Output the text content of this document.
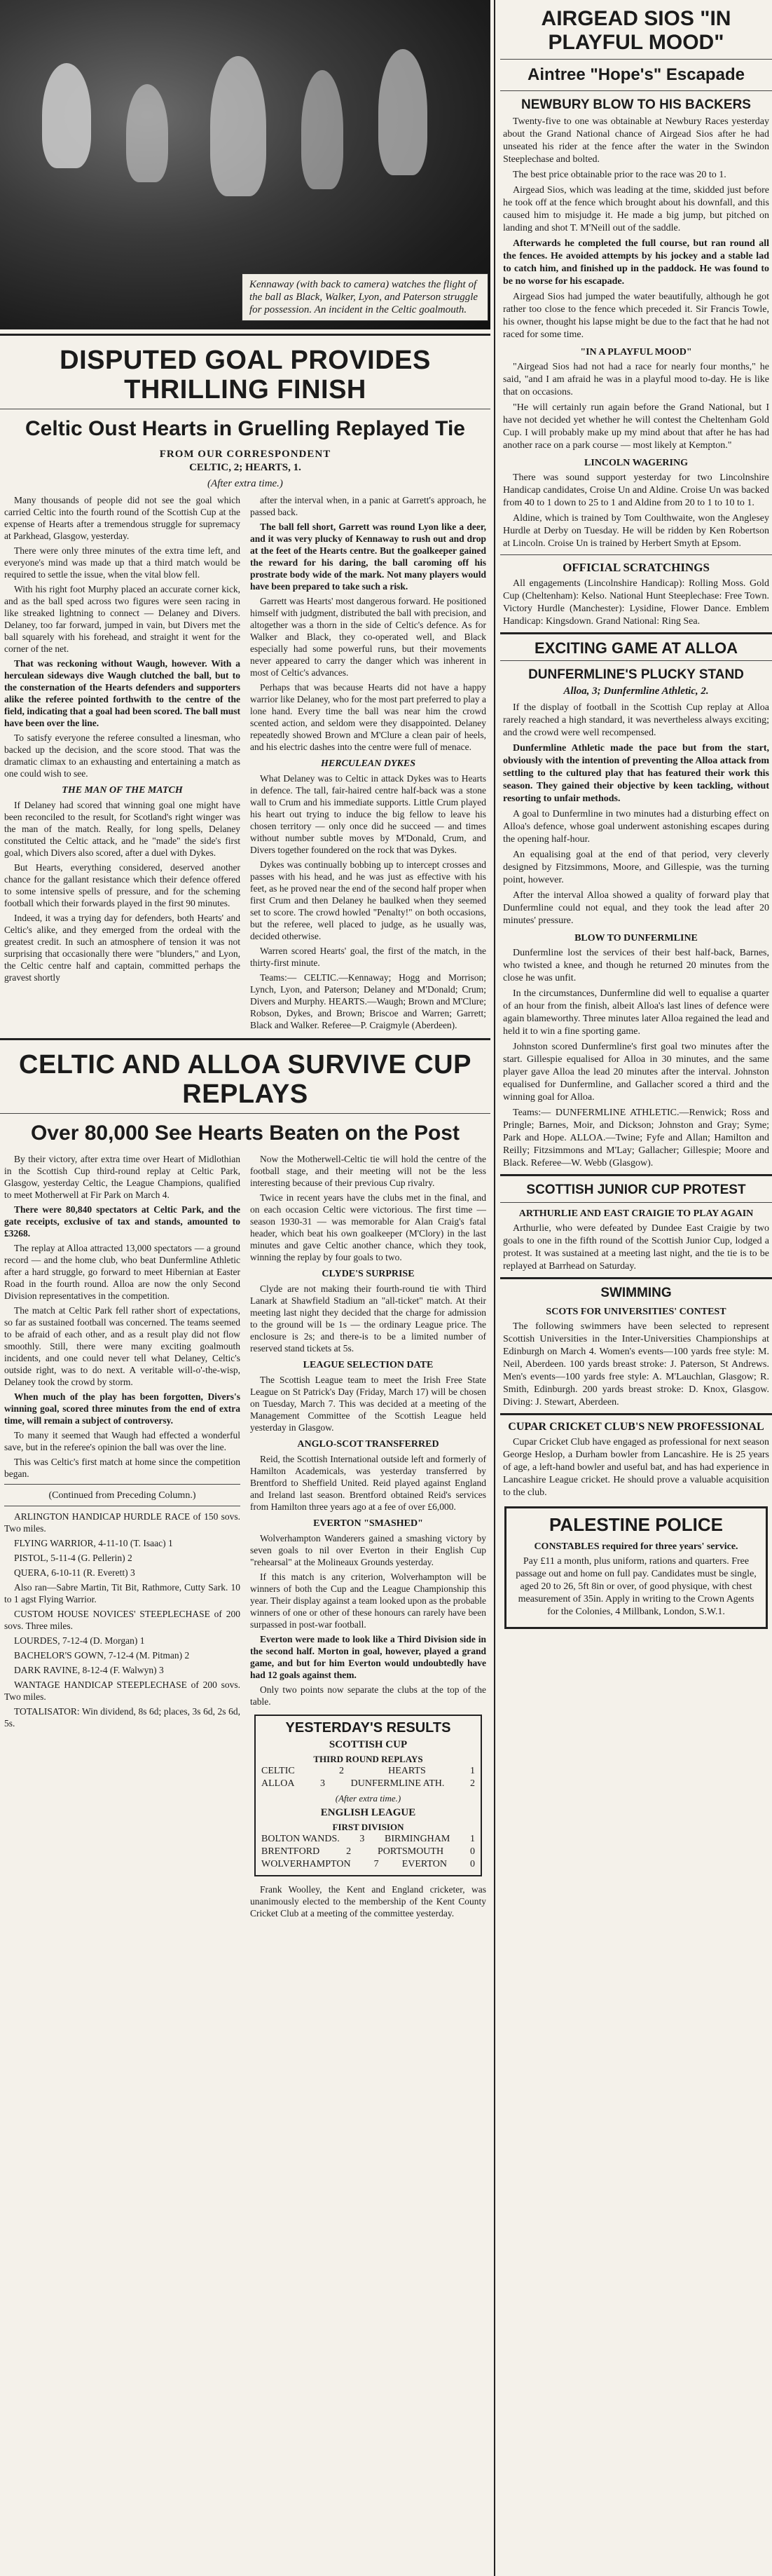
Kennaway (with back to camera) watches the flight of the ball as Black, Walker, Lyon, and Paterson struggle for possession. An incident in the Celtic goalmouth.
DISPUTED GOAL PROVIDES THRILLING FINISH
Celtic Oust Hearts in Gruelling Replayed Tie
FROM OUR CORRESPONDENT
CELTIC, 2; HEARTS, 1.
(After extra time.)

Many thousands of people did not see the goal which carried Celtic into the fourth round of the Scottish Cup at the expense of Hearts after a tremendous struggle for supremacy at Parkhead, Glasgow, yesterday.

There were only three minutes of the extra time left, and everyone's mind was made up that a third match would be required to settle the issue, when the vital blow fell.

With his right foot Murphy placed an accurate corner kick, and as the ball sped across two figures were seen racing in like streaked lightning to connect — Delaney and Divers. Delaney, too far forward, jumped in vain, but Divers met the ball squarely with his forehead, and straight it went for the corner of the net.

That was reckoning without Waugh, however. With a herculean sideways dive Waugh clutched the ball, but to the consternation of the Hearts defenders and supporters alike the referee pointed forthwith to the centre of the field, indicating that a goal had been scored. The ball must have been over the line.

To satisfy everyone the referee consulted a linesman, who backed up the decision, and the score stood. That was the dramatic climax to an exhausting and entertaining a match as one could wish to see.

THE MAN OF THE MATCH

If Delaney had scored that winning goal one might have been reconciled to the result, for Scotland's right winger was the man of the match. Really, for long spells, Delaney constituted the Celtic attack, and he "made" the side's first goal, which Divers also scored, after a duel with Dykes.

But Hearts, everything considered, deserved another chance for the gallant resistance which their defence offered to some intensive spells of pressure, and for the scheming football which their forwards played in the first 90 minutes.

Indeed, it was a trying day for defenders, both Hearts' and Celtic's alike, and they emerged from the ordeal with the greatest credit. In such an atmosphere of tension it was not surprising that occasionally there were "blunders," and Lyon, the Celtic centre half and captain, committed perhaps the gravest shortly

after the interval when, in a panic at Garrett's approach, he passed back.

The ball fell short, Garrett was round Lyon like a deer, and it was very plucky of Kennaway to rush out and drop at the feet of the Hearts centre. But the goalkeeper gained the reward for his daring, the ball caroming off his prostrate body wide of the mark. Not many players would have been prepared to take such a risk.

Garrett was Hearts' most dangerous forward. He positioned himself with judgment, distributed the ball with precision, and altogether was a thorn in the side of Celtic's defence. As for Walker and Black, they co-operated well, and Black especially had some powerful runs, but their movements never appeared to carry the danger which was inherent in most of Celtic's advances.

Perhaps that was because Hearts did not have a happy warrior like Delaney, who for the most part preferred to play a lone hand. Every time the ball was near him the crowd scented action, and seldom were they disappointed. Delaney repeatedly showed Brown and M'Clure a clean pair of heels, and his electric dashes into the centre were full of menace.

HERCULEAN DYKES

What Delaney was to Celtic in attack Dykes was to Hearts in defence. The tall, fair-haired centre half-back was a stone wall to Crum and his immediate supports. Little Crum played his heart out trying to induce the big fellow to leave his chosen territory — only once did he succeed — and times without number subtle moves by M'Donald, Crum, and Divers together foundered on the rock that was Dykes.

Dykes was continually bobbing up to intercept crosses and passes with his head, and he was just as effective with his feet, as he proved near the end of the second half proper when first Crum and then Delaney he baulked when they seemed set to score. The crowd howled "Penalty!" on both occasions, but the referee, well placed to judge, as he usually was, decided otherwise.

Warren scored Hearts' goal, the first of the match, in the thirty-first minute.

Teams:— CELTIC.—Kennaway; Hogg and Morrison; Lynch, Lyon, and Paterson; Delaney and M'Donald; Crum; Divers and Murphy. HEARTS.—Waugh; Brown and M'Clure; Robson, Dykes, and Brown; Briscoe and Warren; Garrett; Black and Walker. Referee—P. Craigmyle (Aberdeen).

CELTIC AND ALLOA SURVIVE CUP REPLAYS
Over 80,000 See Hearts Beaten on the Post

By their victory, after extra time over Heart of Midlothian in the Scottish Cup third-round replay at Celtic Park, Glasgow, yesterday Celtic, the League Champions, qualified to meet Motherwell at Fir Park on March 4.

There were 80,840 spectators at Celtic Park, and the gate receipts, exclusive of tax and stands, amounted to £3268.

The replay at Alloa attracted 13,000 spectators — a ground record — and the home club, who beat Dunfermline Athletic after a hard struggle, go forward to meet Hibernian at Easter Road in the fourth round. Alloa are now the only Second Division representatives in the competition.

The match at Celtic Park fell rather short of expectations, so far as sustained football was concerned. The teams seemed to be afraid of each other, and as a result play did not flow smoothly. Still, there were many exciting goalmouth incidents, and one could never tell what Delaney, Celtic's outside right, was to do next. A veritable will-o'-the-wisp, Delaney took the crowd by storm.

When much of the play has been forgotten, Divers's winning goal, scored three minutes from the end of extra time, will remain a subject of controversy.

To many it seemed that Waugh had effected a wonderful save, but in the referee's opinion the ball was over the line.

This was Celtic's first match at home since the competition began.

(Continued from Preceding Column.)

ARLINGTON HANDICAP HURDLE RACE of 150 sovs. Two miles.

FLYING WARRIOR, 4-11-10 (T. Isaac) 1

PISTOL, 5-11-4 (G. Pellerin) 2

QUERA, 6-10-11 (R. Everett) 3

Also ran—Sabre Martin, Tit Bit, Rathmore, Cutty Sark. 10 to 1 agst Flying Warrior.

CUSTOM HOUSE NOVICES' STEEPLECHASE of 200 sovs. Three miles.

LOURDES, 7-12-4 (D. Morgan) 1

BACHELOR'S GOWN, 7-12-4 (M. Pitman) 2

DARK RAVINE, 8-12-4 (F. Walwyn) 3

WANTAGE HANDICAP STEEPLECHASE of 200 sovs. Two miles.

TOTALISATOR: Win dividend, 8s 6d; places, 3s 6d, 2s 6d, 5s.

Now the Motherwell-Celtic tie will hold the centre of the football stage, and their meeting will not be the less interesting because of their previous Cup rivalry.

Twice in recent years have the clubs met in the final, and on each occasion Celtic were victorious. The first time — season 1930-31 — was memorable for Alan Craig's fatal header, which beat his own goalkeeper (M'Clory) in the last minutes and gave Celtic another chance, which they took, winning the replay by four goals to two.

CLYDE'S SURPRISE

Clyde are not making their fourth-round tie with Third Lanark at Shawfield Stadium an "all-ticket" match. At their meeting last night they decided that the charge for admission to the ground will be 1s — the ordinary League price. The enclosure is 2s; and there-is to be a limited number of reserved stand tickets at 5s.

LEAGUE SELECTION DATE

The Scottish League team to meet the Irish Free State League on St Patrick's Day (Friday, March 17) will be chosen on Tuesday, March 7. This was decided at a meeting of the Management Committee of the Scottish League held yesterday in Glasgow.

ANGLO-SCOT TRANSFERRED

Reid, the Scottish International outside left and formerly of Hamilton Academicals, was yesterday transferred by Brentford to Sheffield United. Reid played against England and Ireland last season. Brentford obtained Reid's services from Hamilton three years ago at a fee of over £6,000.

EVERTON "SMASHED"

Wolverhampton Wanderers gained a smashing victory by seven goals to nil over Everton in their English Cup "rehearsal" at the Molineaux Grounds yesterday.

If this match is any criterion, Wolverhampton will be winners of both the Cup and the League Championship this year. Their display against a team looked upon as the probable winners of one or other of these honours can rarely have been surpassed in post-war football.

Everton were made to look like a Third Division side in the second half. Morton in goal, however, played a grand game, and but for him Everton would undoubtedly have had 12 goals against them.

Only two points now separate the clubs at the top of the table.

YESTERDAY'S RESULTS
SCOTTISH CUP
THIRD ROUND REPLAYS
CELTIC	2	HEARTS	1
ALLOA	3	DUNFERMLINE ATH.	2
(After extra time.)
ENGLISH LEAGUE
FIRST DIVISION
BOLTON WANDS. 3 BIRMINGHAM 1
BRENTFORD	2	PORTSMOUTH	0
WOLVERHAMPTON 7 EVERTON 0

Frank Woolley, the Kent and England cricketer, was unanimously elected to the membership of the Kent County Cricket Club at a meeting of the committee yesterday.

AIRGEAD SIOS "IN PLAYFUL MOOD"
Aintree "Hope's" Escapade
NEWBURY BLOW TO HIS BACKERS

Twenty-five to one was obtainable at Newbury Races yesterday about the Grand National chance of Airgead Sios after he had unseated his rider at the fence after the water in the Swindon Steeplechase and bolted.

The best price obtainable prior to the race was 20 to 1.

Airgead Sios, which was leading at the time, skidded just before he took off at the fence which brought about his downfall, and this caused him to misjudge it. He made a big jump, but pitched on landing and shot T. M'Neill out of the saddle.

Afterwards he completed the full course, but ran round all the fences. He avoided attempts by his jockey and a stable lad to catch him, and finished up in the paddock. He was found to be no worse for his escapade.

Airgead Sios had jumped the water beautifully, although he got rather too close to the fence which preceded it. Sir Francis Towle, his owner, thought his lapse might be due to the fact that he had not raced for some time.

"IN A PLAYFUL MOOD"

"Airgead Sios had not had a race for nearly four months," he said, "and I am afraid he was in a playful mood to-day. He is like that on occasions.

"He will certainly run again before the Grand National, but I have not decided yet whether he will contest the Cheltenham Gold Cup. I will probably make up my mind about that after he has had another race on a park course — most likely at Kempton."

LINCOLN WAGERING

There was sound support yesterday for two Lincolnshire Handicap candidates, Croise Un and Aldine. Croise Un was backed from 40 to 1 down to 25 to 1 and Aldine from 20 to 1 to 10 to 1.

Aldine, which is trained by Tom Coulthwaite, won the Anglesey Hurdle at Derby on Tuesday. He will be ridden by Ken Robertson at Lincoln. Croise Un is trained by Herbert Smyth at Epsom.

OFFICIAL SCRATCHINGS

All engagements (Lincolnshire Handicap): Rolling Moss. Gold Cup (Cheltenham): Kelso. National Hunt Steeplechase: Free Town. Victory Hurdle (Manchester): Lysidine, Flower Dance. Emblem Handicap: Kingsdown. Grand National: Ring Sea.

EXCITING GAME AT ALLOA
DUNFERMLINE'S PLUCKY STAND
Alloa, 3; Dunfermline Athletic, 2.

If the display of football in the Scottish Cup replay at Alloa rarely reached a high standard, it was nevertheless always exciting; and the crowd were well recompensed.

Dunfermline Athletic made the pace but from the start, obviously with the intention of preventing the Alloa attack from settling to the cultured play that has featured their work this season. They gained their objective by keen tackling, without resorting to unfair methods.

A goal to Dunfermline in two minutes had a disturbing effect on Alloa's defence, whose goal underwent astonishing escapes during the opening half-hour.

An equalising goal at the end of that period, very cleverly designed by Fitzsimmons, Moore, and Gillespie, was the turning point, however.

After the interval Alloa showed a quality of forward play that Dunfermline could not equal, and they took the lead after 20 minutes' pressure.

BLOW TO DUNFERMLINE

Dunfermline lost the services of their best half-back, Barnes, who twisted a knee, and though he returned 20 minutes from the close he was unfit.

In the circumstances, Dunfermline did well to equalise a quarter of an hour from the finish, albeit Alloa's last lines of defence were again blameworthy. Three minutes later Alloa regained the lead and held it to win a fine sporting game.

Johnston scored Dunfermline's first goal two minutes after the start. Gillespie equalised for Alloa in 30 minutes, and the same player gave Alloa the lead 20 minutes after the interval. Johnston equalised for Dunfermline, and Gallacher scored a third and the winning goal for Alloa.

Teams:— DUNFERMLINE ATHLETIC.—Renwick; Ross and Pringle; Barnes, Moir, and Dickson; Johnston and Gray; Syme; Park and Hope. ALLOA.—Twine; Fyfe and Allan; Hamilton and Reilly; Fitzsimmons and M'Lay; Gallacher; Gillespie; Moore and Black. Referee—W. Webb (Glasgow).

SCOTTISH JUNIOR CUP PROTEST
ARTHURLIE AND EAST CRAIGIE TO PLAY AGAIN

Arthurlie, who were defeated by Dundee East Craigie by two goals to one in the fifth round of the Scottish Junior Cup, lodged a protest. It was sustained at a meeting last night, and the tie is to be replayed at Barrhead on Saturday.

SWIMMING
SCOTS FOR UNIVERSITIES' CONTEST

The following swimmers have been selected to represent Scottish Universities in the Inter-Universities Championships at Edinburgh on March 4. Women's events—100 yards free style: M. Neil, Aberdeen. 100 yards breast stroke: J. Paterson, St Andrews. Men's events—100 yards free style: A. M'Lauchlan, Glasgow; R. Smith, Edinburgh. 200 yards breast stroke: D. Knox, Glasgow. Diving: J. Stewart, Aberdeen.

CUPAR CRICKET CLUB'S NEW PROFESSIONAL

Cupar Cricket Club have engaged as professional for next season George Heslop, a Durham bowler from Lancashire. He is 25 years of age, a left-hand bowler and useful bat, and has had experience in Lancashire League cricket. He should prove a valuable acquisition to the club.

PALESTINE POLICE
CONSTABLES required for three years' service.

Pay £11 a month, plus uniform, rations and quarters. Free passage out and home on full pay. Candidates must be single, aged 20 to 26, 5ft 8in or over, of good physique, with chest measurement of 35in. Apply in writing to the Crown Agents for the Colonies, 4 Millbank, London, S.W.1.
